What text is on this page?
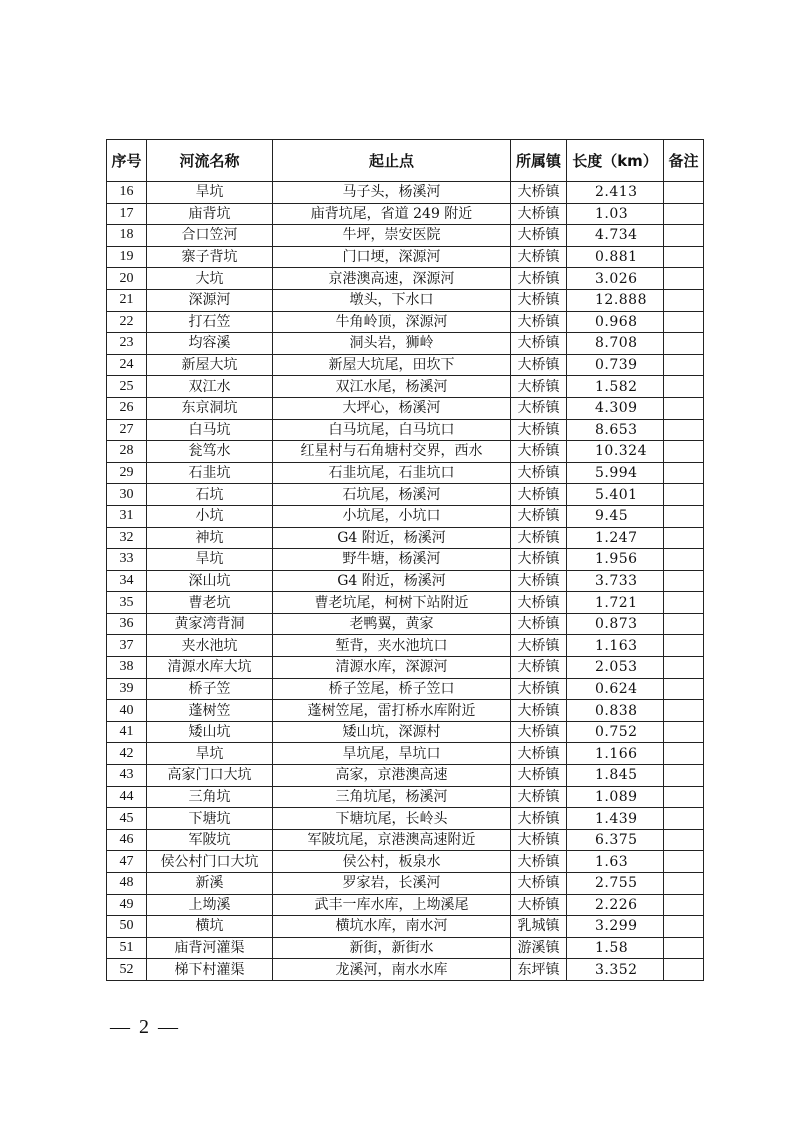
序号	河流名称	起止点	所属镇	长度（km）	备注
16	旱坑	马子头，杨溪河	大桥镇	2.413	
17	庙背坑	庙背坑尾，省道 249 附近	大桥镇	1.03	
18	合口笠河	牛坪，崇安医院	大桥镇	4.734	
19	寨子背坑	门口埂，深源河	大桥镇	0.881	
20	大坑	京港澳高速，深源河	大桥镇	3.026	
21	深源河	墩头，下水口	大桥镇	12.888	
22	打石笠	牛角岭顶，深源河	大桥镇	0.968	
23	均容溪	洞头岩，狮岭	大桥镇	8.708	
24	新屋大坑	新屋大坑尾，田坎下	大桥镇	0.739	
25	双江水	双江水尾，杨溪河	大桥镇	1.582	
26	东京洞坑	大坪心，杨溪河	大桥镇	4.309	
27	白马坑	白马坑尾，白马坑口	大桥镇	8.653	
28	瓮笃水	红星村与石角塘村交界，西水	大桥镇	10.324	
29	石韭坑	石韭坑尾，石韭坑口	大桥镇	5.994	
30	石坑	石坑尾，杨溪河	大桥镇	5.401	
31	小坑	小坑尾，小坑口	大桥镇	9.45	
32	神坑	G4 附近，杨溪河	大桥镇	1.247	
33	旱坑	野牛塘，杨溪河	大桥镇	1.956	
34	深山坑	G4 附近，杨溪河	大桥镇	3.733	
35	曹老坑	曹老坑尾，柯树下站附近	大桥镇	1.721	
36	黄家湾背洞	老鸭翼，黄家	大桥镇	0.873	
37	夹水池坑	堑背，夹水池坑口	大桥镇	1.163	
38	清源水库大坑	清源水库，深源河	大桥镇	2.053	
39	桥子笠	桥子笠尾，桥子笠口	大桥镇	0.624	
40	蓬树笠	蓬树笠尾，雷打桥水库附近	大桥镇	0.838	
41	矮山坑	矮山坑，深源村	大桥镇	0.752	
42	旱坑	旱坑尾，旱坑口	大桥镇	1.166	
43	高家门口大坑	高家，京港澳高速	大桥镇	1.845	
44	三角坑	三角坑尾，杨溪河	大桥镇	1.089	
45	下塘坑	下塘坑尾，长岭头	大桥镇	1.439	
46	军陂坑	军陂坑尾，京港澳高速附近	大桥镇	6.375	
47	侯公村门口大坑	侯公村，板泉水	大桥镇	1.63	
48	新溪	罗家岩，长溪河	大桥镇	2.755	
49	上坳溪	武丰一库水库，上坳溪尾	大桥镇	2.226	
50	横坑	横坑水库，南水河	乳城镇	3.299	
51	庙背河灌渠	新街，新街水	游溪镇	1.58	
52	梯下村灌渠	龙溪河，南水水库	东坪镇	3.352	
— 2 —
